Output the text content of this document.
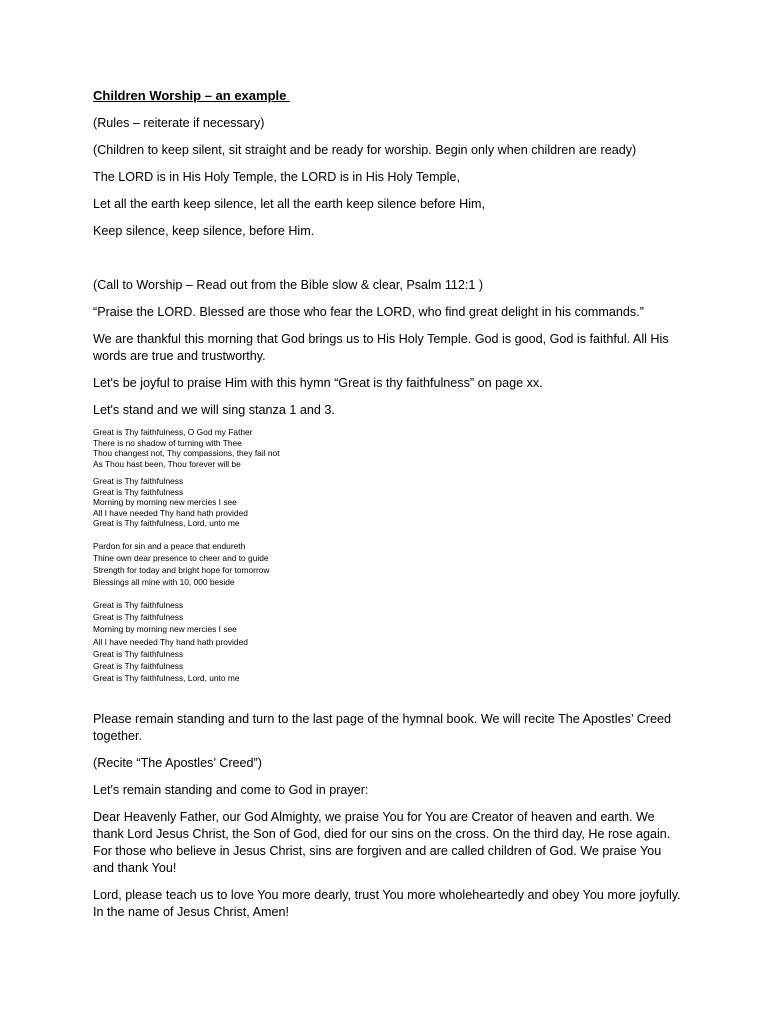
Children Worship – an example

(Rules – reiterate if necessary)

(Children to keep silent, sit straight and be ready for worship. Begin only when children are ready)

The LORD is in His Holy Temple, the LORD is in His Holy Temple,

Let all the earth keep silence, let all the earth keep silence before Him,

Keep silence, keep silence, before Him.

(Call to Worship – Read out from the Bible slow & clear, Psalm 112:1 )

“Praise the LORD. Blessed are those who fear the LORD, who find great delight in his commands.”

We are thankful this morning that God brings us to His Holy Temple. God is good, God is faithful. All His words are true and trustworthy.

Let's be joyful to praise Him with this hymn “Great is thy faithfulness” on page xx.

Let's stand and we will sing stanza 1 and 3.

Great is Thy faithfulness, O God my Father

There is no shadow of turning with Thee

Thou changest not, Thy compassions, they fail not

As Thou hast been, Thou forever will be

Great is Thy faithfulness

Great is Thy faithfulness

Morning by morning new mercies I see

All I have needed Thy hand hath provided

Great is Thy faithfulness, Lord, unto me

Pardon for sin and a peace that endureth

Thine own dear presence to cheer and to guide

Strength for today and bright hope for tomorrow

Blessings all mine with 10, 000 beside

Great is Thy faithfulness

Great is Thy faithfulness

Morning by morning new mercies I see

All I have needed Thy hand hath provided

Great is Thy faithfulness

Great is Thy faithfulness

Great is Thy faithfulness, Lord, unto me

Please remain standing and turn to the last page of the hymnal book. We will recite The Apostles’ Creed together.

(Recite “The Apostles’ Creed”)

Let's remain standing and come to God in prayer:

Dear Heavenly Father, our God Almighty, we praise You for You are Creator of heaven and earth. We thank Lord Jesus Christ, the Son of God, died for our sins on the cross. On the third day, He rose again. For those who believe in Jesus Christ, sins are forgiven and are called children of God. We praise You and thank You!

Lord, please teach us to love You more dearly, trust You more wholeheartedly and obey You more joyfully. In the name of Jesus Christ, Amen!
